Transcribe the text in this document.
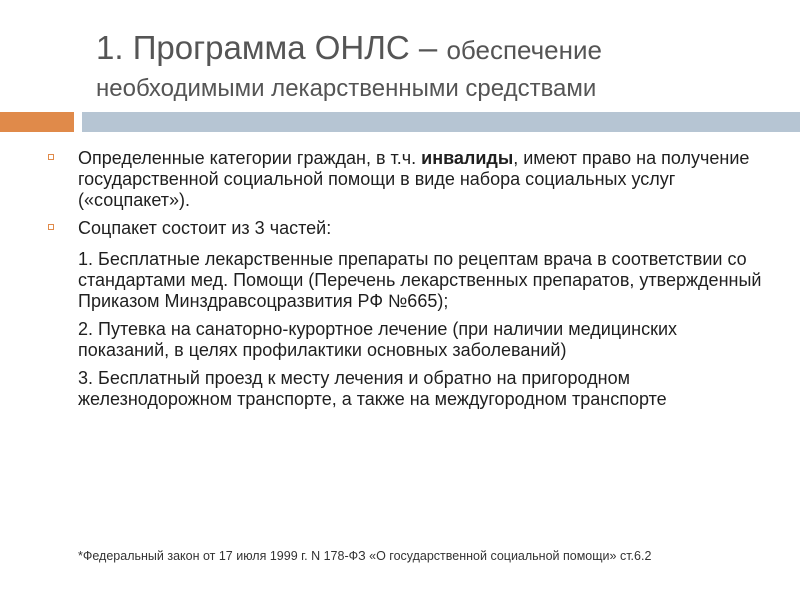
1. Программа ОНЛС – обеспечение
необходимыми лекарственными средствами
Определенные категории граждан, в т.ч. инвалиды, имеют право на получение государственной социальной помощи в виде набора социальных услуг («соцпакет»).
Соцпакет состоит из 3 частей:
1. Бесплатные лекарственные препараты по рецептам врача в соответствии со стандартами мед. Помощи (Перечень лекарственных препаратов, утвержденный Приказом Минздравсоцразвития РФ №665);
2. Путевка на санаторно-курортное лечение (при наличии медицинских показаний, в целях профилактики основных заболеваний)
3. Бесплатный проезд к месту лечения и обратно на пригородном железнодорожном транспорте, а также на междугородном транспорте
*Федеральный закон от 17 июля 1999 г. N 178-ФЗ «О государственной социальной помощи» ст.6.2
